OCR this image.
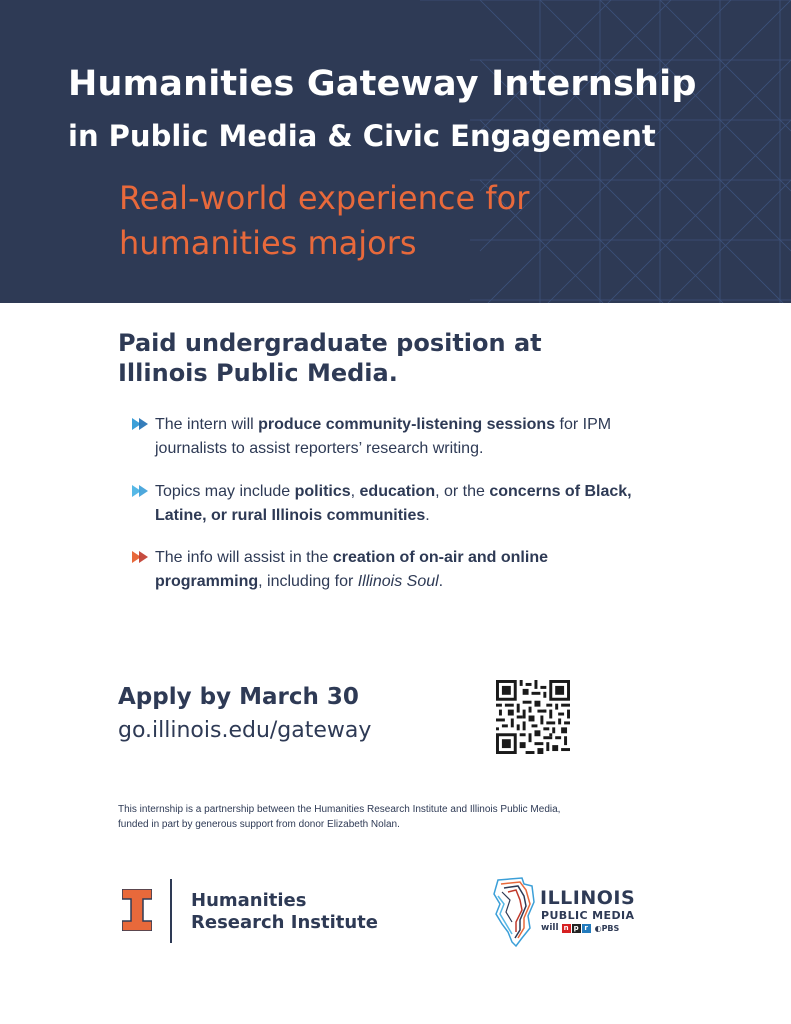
Humanities Gateway Internship
in Public Media & Civic Engagement
Real-world experience for humanities majors
Paid undergraduate position at Illinois Public Media.
The intern will produce community-listening sessions for IPM journalists to assist reporters’ research writing.
Topics may include politics, education, or the concerns of Black, Latine, or rural Illinois communities.
The info will assist in the creation of on-air and online programming, including for Illinois Soul.
Apply by March 30
go.illinois.edu/gateway
This internship is a partnership between the Humanities Research Institute and Illinois Public Media, funded in part by generous support from donor Elizabeth Nolan.
Humanities
Research Institute
ILLINOIS
PUBLIC MEDIA
will n p r ◐PBS
